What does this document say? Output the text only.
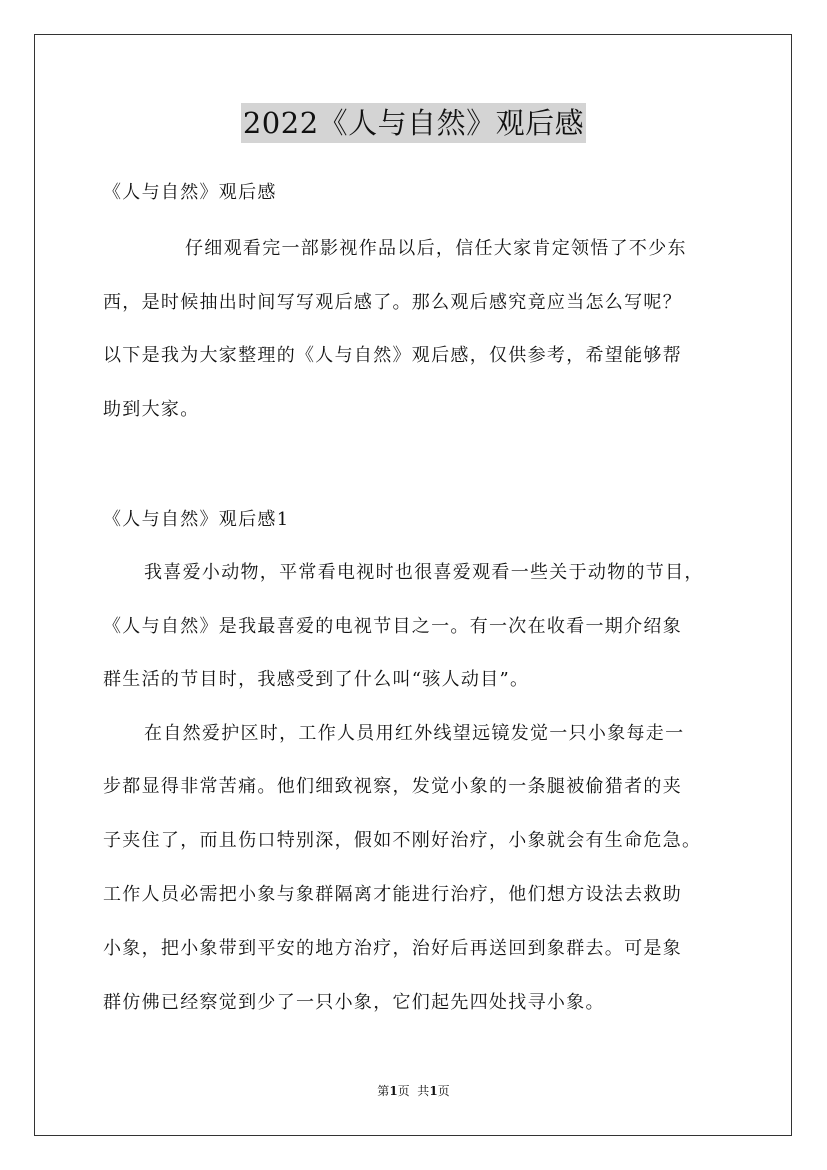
2022《人与自然》观后感
《人与自然》观后感
仔细观看完一部影视作品以后，信任大家肯定领悟了不少东
西，是时候抽出时间写写观后感了。那么观后感究竟应当怎么写呢？
以下是我为大家整理的《人与自然》观后感，仅供参考，希望能够帮
助到大家。
《人与自然》观后感1
我喜爱小动物，平常看电视时也很喜爱观看一些关于动物的节目，
《人与自然》是我最喜爱的电视节目之一。有一次在收看一期介绍象
群生活的节目时，我感受到了什么叫“骇人动目”。
在自然爱护区时，工作人员用红外线望远镜发觉一只小象每走一
步都显得非常苦痛。他们细致视察，发觉小象的一条腿被偷猎者的夹
子夹住了，而且伤口特别深，假如不刚好治疗，小象就会有生命危急。
工作人员必需把小象与象群隔离才能进行治疗，他们想方设法去救助
小象，把小象带到平安的地方治疗，治好后再送回到象群去。可是象
群仿佛已经察觉到少了一只小象，它们起先四处找寻小象。
第1页  共1页
